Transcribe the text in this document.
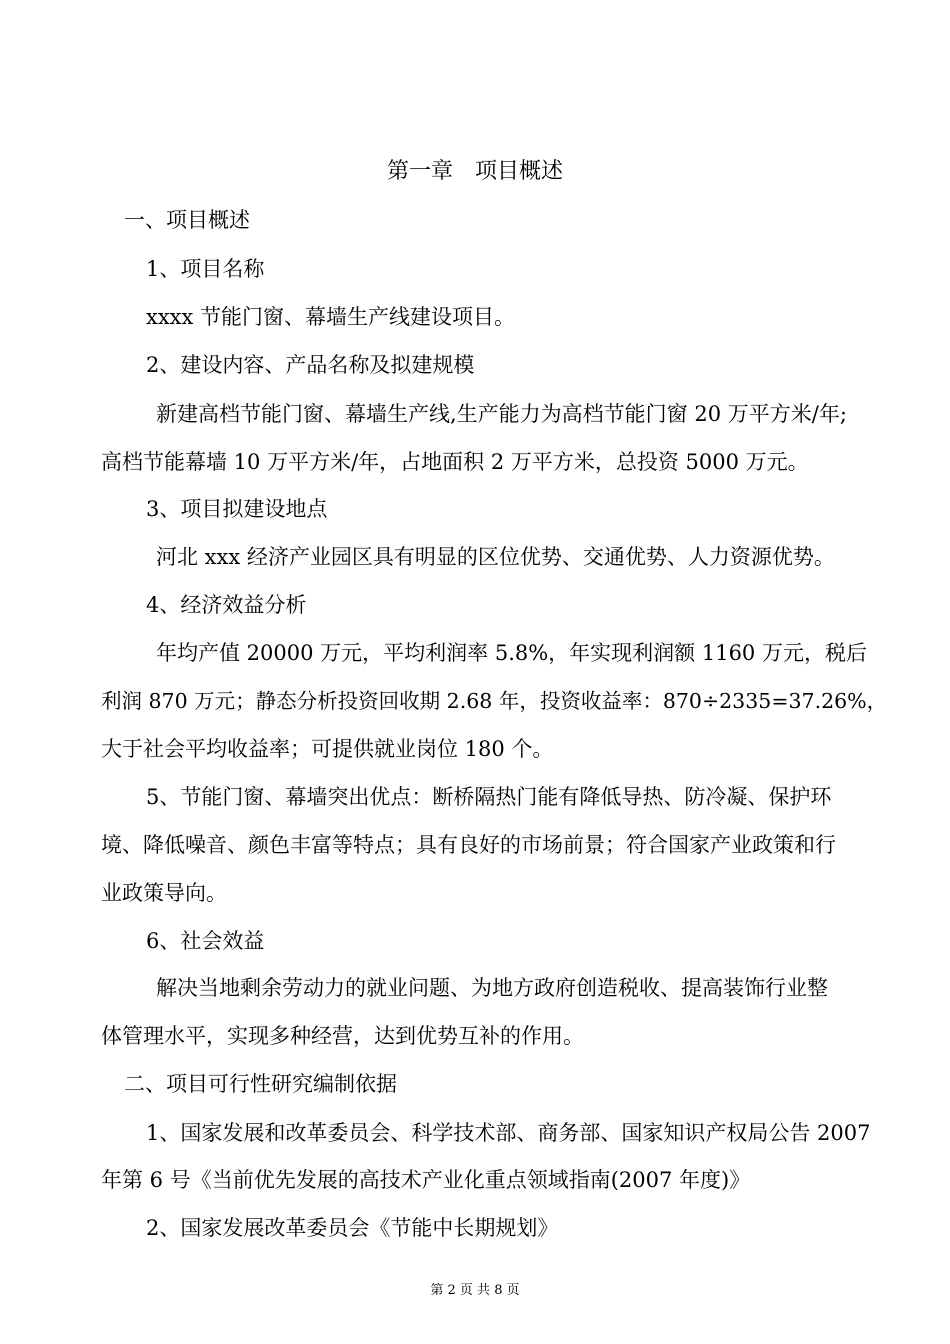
第一章　项目概述
一、项目概述
1、项目名称
xxxx 节能门窗、幕墙生产线建设项目。
2、建设内容、产品名称及拟建规模
新建高档节能门窗、幕墙生产线,生产能力为高档节能门窗 20 万平方米/年;
高档节能幕墙 10 万平方米/年，占地面积 2 万平方米，总投资 5000 万元。
3、项目拟建设地点
河北 xxx 经济产业园区具有明显的区位优势、交通优势、人力资源优势。
4、经济效益分析
年均产值 20000 万元，平均利润率 5.8%，年实现利润额 1160 万元，税后
利润 870 万元；静态分析投资回收期 2.68 年，投资收益率：870÷2335=37.26%，
大于社会平均收益率；可提供就业岗位 180 个。
5、节能门窗、幕墙突出优点：断桥隔热门能有降低导热、防冷凝、保护环
境、降低噪音、颜色丰富等特点；具有良好的市场前景；符合国家产业政策和行
业政策导向。
6、社会效益
解决当地剩余劳动力的就业问题、为地方政府创造税收、提高装饰行业整
体管理水平，实现多种经营，达到优势互补的作用。
二、项目可行性研究编制依据
1、国家发展和改革委员会、科学技术部、商务部、国家知识产权局公告 2007
年第 6 号《当前优先发展的高技术产业化重点领域指南(2007 年度)》
2、国家发展改革委员会《节能中长期规划》
第 2 页 共 8 页
